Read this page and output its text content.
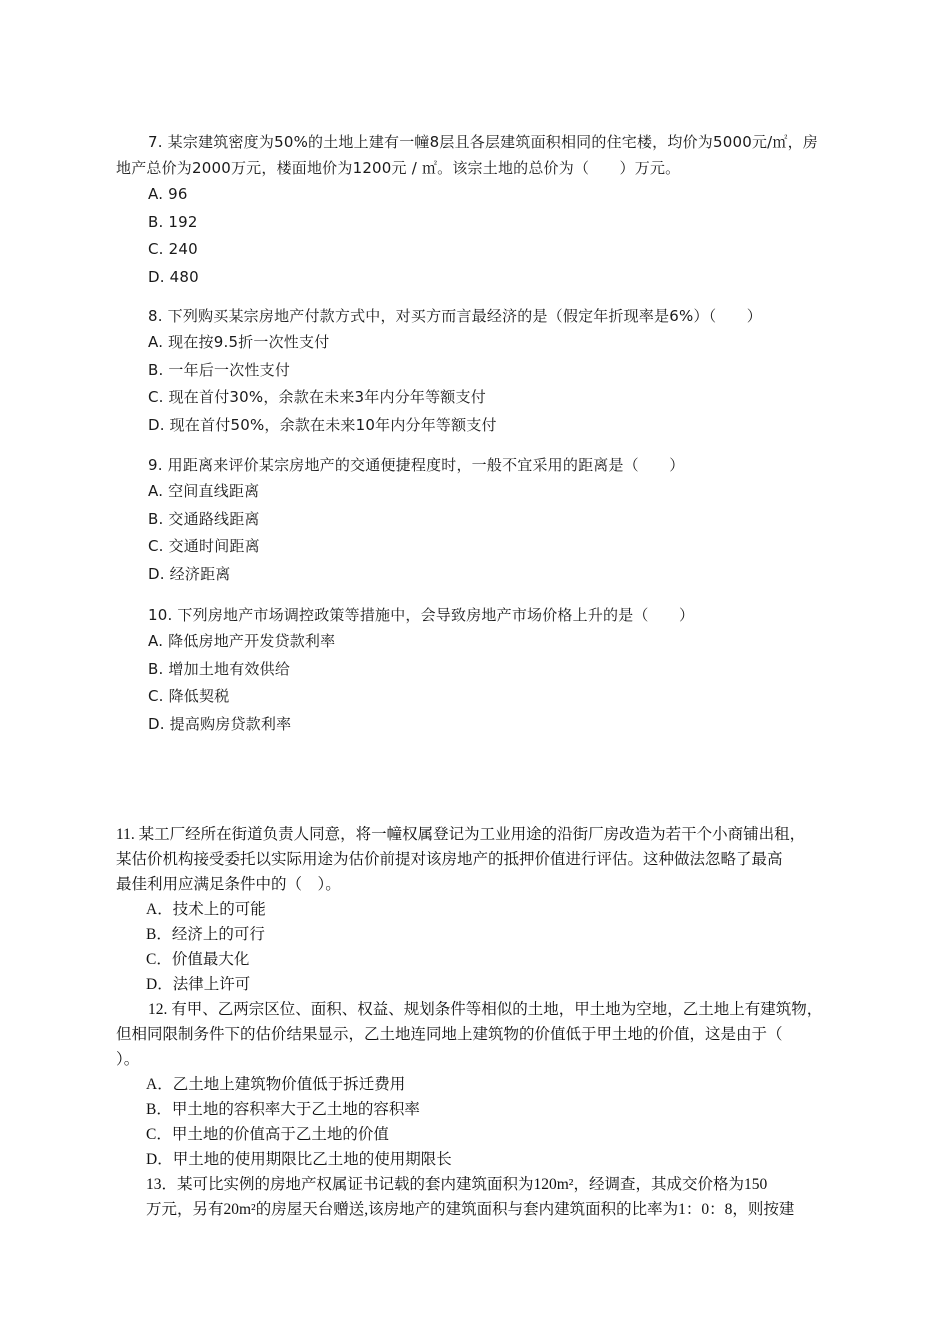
7. 某宗建筑密度为50%的土地上建有一幢8层且各层建筑面积相同的住宅楼，均价为5000元/㎡，房

地产总价为2000万元，楼面地价为1200元 / ㎡。该宗土地的总价为（　　）万元。

A. 96

B. 192

C. 240

D. 480

8. 下列购买某宗房地产付款方式中，对买方而言最经济的是（假定年折现率是6%）（　　）

A. 现在按9.5折一次性支付

B. 一年后一次性支付

C. 现在首付30%，余款在未来3年内分年等额支付

D. 现在首付50%，余款在未来10年内分年等额支付

9. 用距离来评价某宗房地产的交通便捷程度时，一般不宜采用的距离是（　　）

A. 空间直线距离

B. 交通路线距离

C. 交通时间距离

D. 经济距离

10. 下列房地产市场调控政策等措施中，会导致房地产市场价格上升的是（　　）

A. 降低房地产开发贷款利率

B. 增加土地有效供给

C. 降低契税

D. 提高购房贷款利率

11. 某工厂经所在街道负责人同意，将一幢权属登记为工业用途的沿街厂房改造为若干个小商铺出租，

某估价机构接受委托以实际用途为估价前提对该房地产的抵押价值进行评估。这种做法忽略了最高

最佳利用应满足条件中的（　）。

A．技术上的可能

B．经济上的可行

C．价值最大化

D．法律上许可

12. 有甲、乙两宗区位、面积、权益、规划条件等相似的土地，甲土地为空地，乙土地上有建筑物，

但相同限制务件下的估价结果显示，乙土地连同地上建筑物的价值低于甲土地的价值，这是由于（

）。

A．乙土地上建筑物价值低于拆迁费用

B．甲土地的容积率大于乙土地的容积率

C．甲土地的价值高于乙土地的价值

D．甲土地的使用期限比乙土地的使用期限长

13．某可比实例的房地产权属证书记载的套内建筑面积为120m²，经调查，其成交价格为150

万元，另有20m²的房屋天台赠送,该房地产的建筑面积与套内建筑面积的比率为1：0：8，则按建
